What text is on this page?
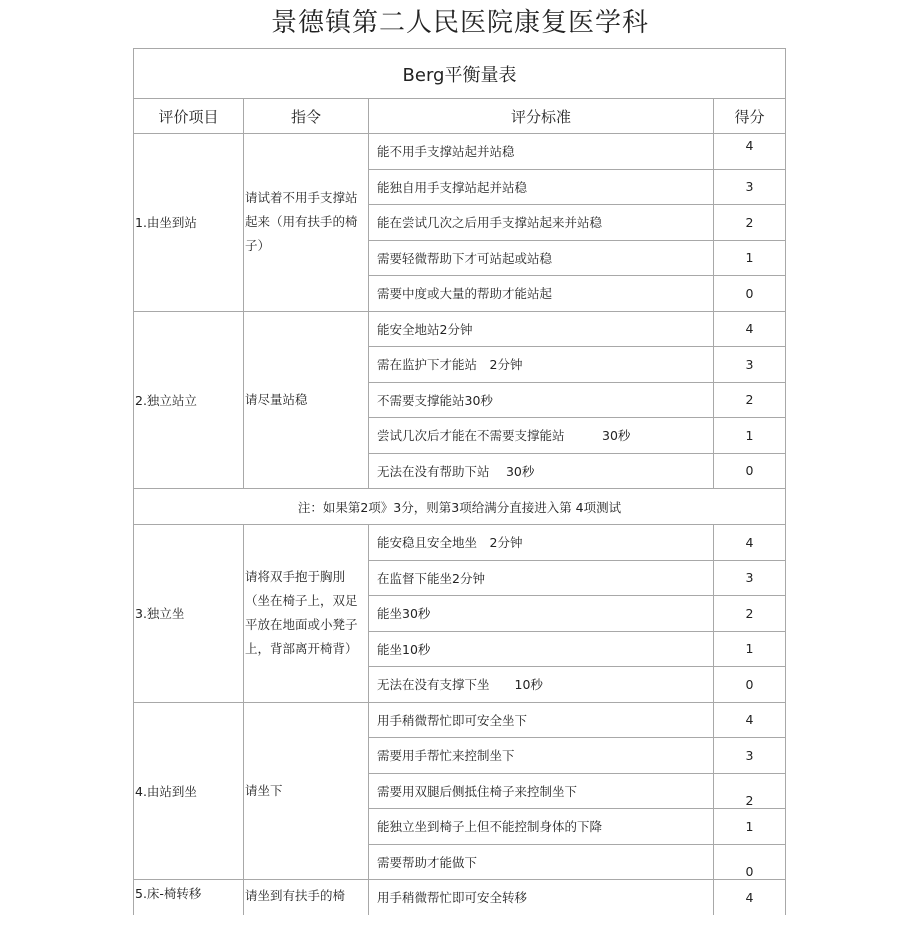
景德镇第二人民医院康复医学科
Berg平衡量表			
评价项目	指令	评分标准	得分
1.由坐到站	请试着不用手支撑站起来（用有扶手的椅子）	能不用手支撑站起并站稳	4
		能独自用手支撑站起并站稳	3
		能在尝试几次之后用手支撑站起来并站稳	2
		需要轻微帮助下才可站起或站稳	1
		需要中度或大量的帮助才能站起	0
2.独立站立	请尽量站稳	能安全地站2分钟	4
		需在监护下才能站　2分钟	3
		不需要支撑能站30秒	2
		尝试几次后才能在不需要支撑能站　　　30秒	1
		无法在没有帮助下站　 30秒	0
注：如果第2项》3分，则第3项给满分直接进入第 4项测试			
3.独立坐	请将双手抱于胸刖（坐在椅子上，双足平放在地面或小凳子上，背部离开椅背）	能安稳且安全地坐　2分钟	4
		在监督下能坐2分钟	3
		能坐30秒	2
		能坐10秒	1
		无法在没有支撑下坐　　10秒	0
4.由站到坐	请坐下	用手稍微帮忙即可安全坐下	4
		需要用手帮忙来控制坐下	3
		需要用双腿后侧抵住椅子来控制坐下	2
		能独立坐到椅子上但不能控制身体的下降	1
		需要帮助才能做下	0
5.床-椅转移	请坐到有扶手的椅	用手稍微帮忙即可安全转移	4
